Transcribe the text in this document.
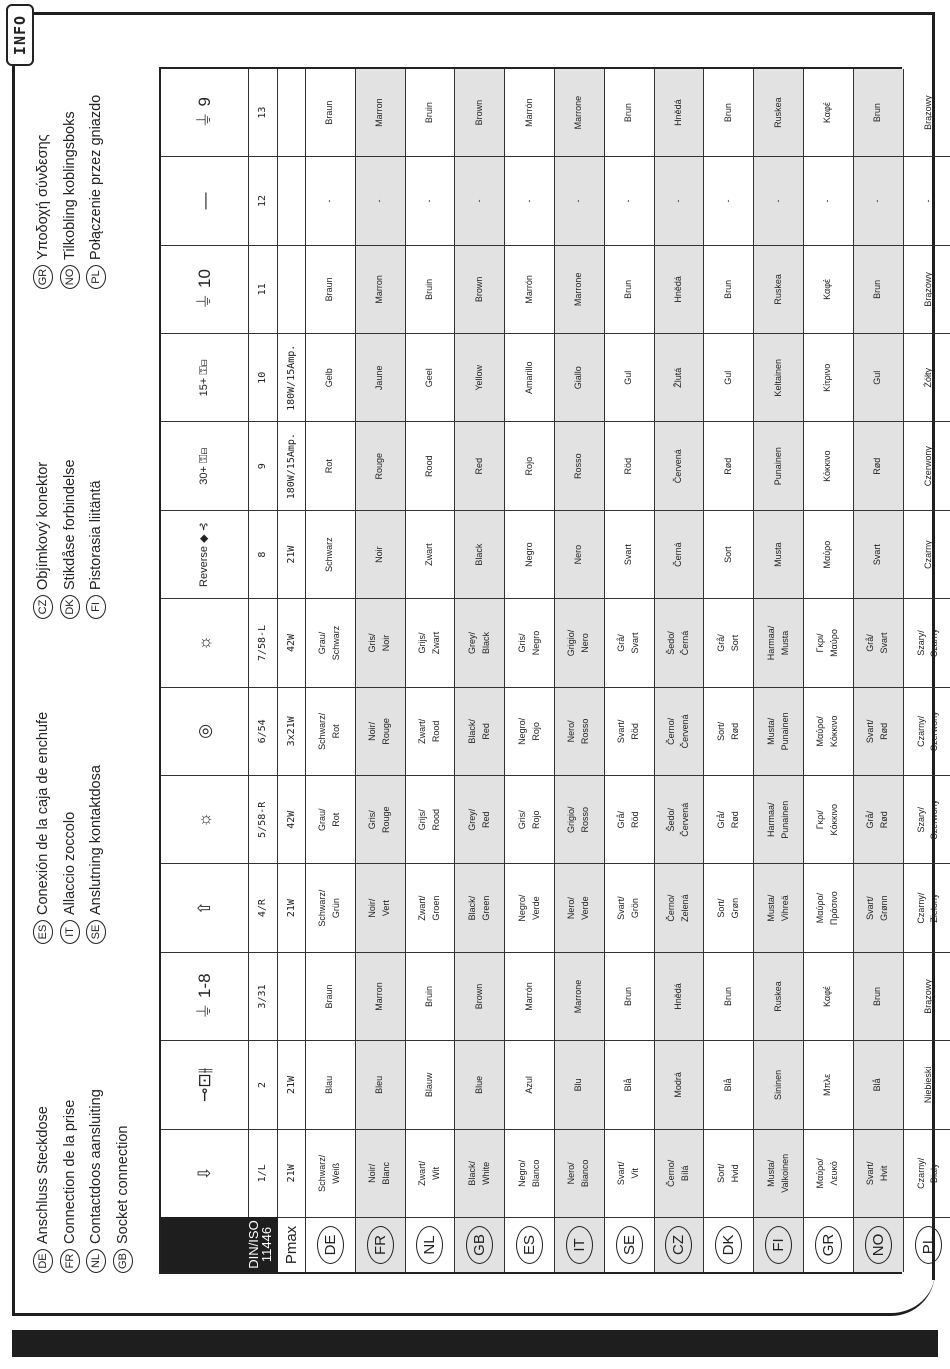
INFO
DE
Anschluss Steckdose
FR
Connection de la prise
NL
Contactdoos aansluiting
GB
Socket connection
ES
Conexión de la caja de enchufe
IT
Allaccio zoccolo
SE
Anslutning kontaktdosa
CZ
Objímkový konektor
DK
Stikdåse forbindelse
FI
Pistorasia liitäntä
GR
Υποδοχή σύνδεσης
NO
Tilkobling koblingsboks
PL
Połączenie przez gniazdo
⇩
⊸⊡⫲
⏚ 1-8
⇧
☼
◎
☼
Reverse ◆ ⊰
30+ ⚿⊟
15+ ⚿⊟
⏚ 10
—
⏚ 9
1/L
2
3/31
4/R
5/58-R
6/54
7/58-L
8
9
10
11
12
13
Pmax
21W
21W
21W
42W
3x21W
42W
21W
180W/15Amp.
180W/15Amp.
DE
Schwarz/ Weiß
Blau
Braun
Schwarz/ Grün
Grau/ Rot
Schwarz/ Rot
Grau/ Schwarz
Schwarz
Rot
Gelb
Braun
-
Braun
FR
Noir/ Blanc
Bleu
Marron
Noir/ Vert
Gris/ Rouge
Noir/ Rouge
Gris/ Noir
Noir
Rouge
Jaune
Marron
-
Marron
NL
Zwart/ Wit
Blauw
Bruin
Zwart/ Groen
Grijs/ Rood
Zwart/ Rood
Grijs/ Zwart
Zwart
Rood
Geel
Bruin
-
Bruin
GB
Black/ White
Blue
Brown
Black/ Green
Grey/ Red
Black/ Red
Grey/ Black
Black
Red
Yellow
Brown
-
Brown
ES
Negro/ Blanco
Azul
Marrón
Negro/ Verde
Gris/ Rojo
Negro/ Rojo
Gris/ Negro
Negro
Rojo
Amarillo
Marrón
-
Marrón
IT
Nero/ Bianco
Blu
Marrone
Nero/ Verde
Grigio/ Rosso
Nero/ Rosso
Grigio/ Nero
Nero
Rosso
Giallo
Marrone
-
Marrone
SE
Svart/ Vit
Blå
Brun
Svart/ Grön
Grå/ Röd
Svart/ Röd
Grå/ Svart
Svart
Röd
Gul
Brun
-
Brun
CZ
Černo/ Bílá
Modrá
Hnědá
Černo/ Zelená
Šedo/ Červená
Černo/ Červená
Šedo/ Černá
Černá
Červená
Žlutá
Hnědá
-
Hnědá
DK
Sort/ Hvid
Blå
Brun
Sort/ Grøn
Grå/ Rød
Sort/ Rød
Grå/ Sort
Sort
Rød
Gul
Brun
-
Brun
FI
Musta/ Valkoinen
Sininen
Ruskea
Musta/ Vihreä
Harmaa/ Punainen
Musta/ Punainen
Harmaa/ Musta
Musta
Punainen
Keltainen
Ruskea
-
Ruskea
GR
Μαύρο/ Λευκό
Μπλε
Καφέ
Μαύρο/ Πράσινο
Γκρι/ Κόκκινο
Μαύρο/ Κόκκινο
Γκρι/ Μαύρο
Μαύρο
Κόκκινο
Κίτρινο
Καφέ
-
Καφέ
NO
Svart/ Hvit
Blå
Brun
Svart/ Grønn
Grå/ Rød
Svart/ Rød
Grå/ Svart
Svart
Rød
Gul
Brun
-
Brun
PL
Czarny/ Biały
Niebieski
Brązowy
Czarny/ Zielony
Szary/ Czerwony
Czarny/ Czerwony
Szary/ Czarny
Czarny
Czerwony
Żółty
Brązowy
-
Brązowy
DIN/ISO 11446
